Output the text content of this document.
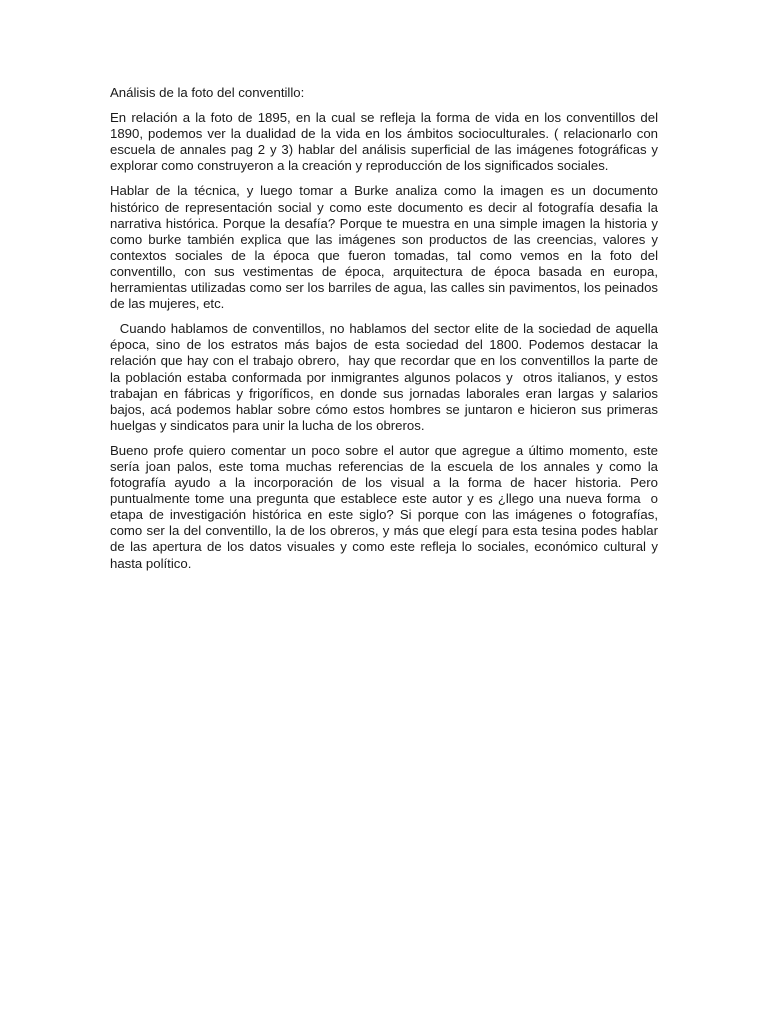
Análisis de la foto del conventillo:

En relación a la foto de 1895, en la cual se refleja la forma de vida en los conventillos del 1890, podemos ver la dualidad de la vida en los ámbitos socioculturales. ( relacionarlo con escuela de annales pag 2 y 3) hablar del análisis superficial de las imágenes fotográficas y explorar como construyeron a la creación y reproducción de los significados sociales.

Hablar de la técnica, y luego tomar a Burke analiza como la imagen es un documento histórico de representación social y como este documento es decir al fotografía desafia la narrativa histórica. Porque la desafía? Porque te muestra en una simple imagen la historia y como burke también explica que las imágenes son productos de las creencias, valores y contextos sociales de la época que fueron tomadas, tal como vemos en la foto del conventillo, con sus vestimentas de época, arquitectura de época basada en europa, herramientas utilizadas como ser los barriles de agua, las calles sin pavimentos, los peinados de las mujeres, etc.

Cuando hablamos de conventillos, no hablamos del sector elite de la sociedad de aquella época, sino de los estratos más bajos de esta sociedad del 1800. Podemos destacar la relación que hay con el trabajo obrero,  hay que recordar que en los conventillos la parte de la población estaba conformada por inmigrantes algunos polacos y  otros italianos, y estos trabajan en fábricas y frigoríficos, en donde sus jornadas laborales eran largas y salarios bajos, acá podemos hablar sobre cómo estos hombres se juntaron e hicieron sus primeras huelgas y sindicatos para unir la lucha de los obreros.

Bueno profe quiero comentar un poco sobre el autor que agregue a último momento, este sería joan palos, este toma muchas referencias de la escuela de los annales y como la fotografía ayudo a la incorporación de los visual a la forma de hacer historia. Pero puntualmente tome una pregunta que establece este autor y es ¿llego una nueva forma  o etapa de investigación histórica en este siglo? Si porque con las imágenes o fotografías, como ser la del conventillo, la de los obreros, y más que elegí para esta tesina podes hablar de las apertura de los datos visuales y como este refleja lo sociales, económico cultural y hasta político.
